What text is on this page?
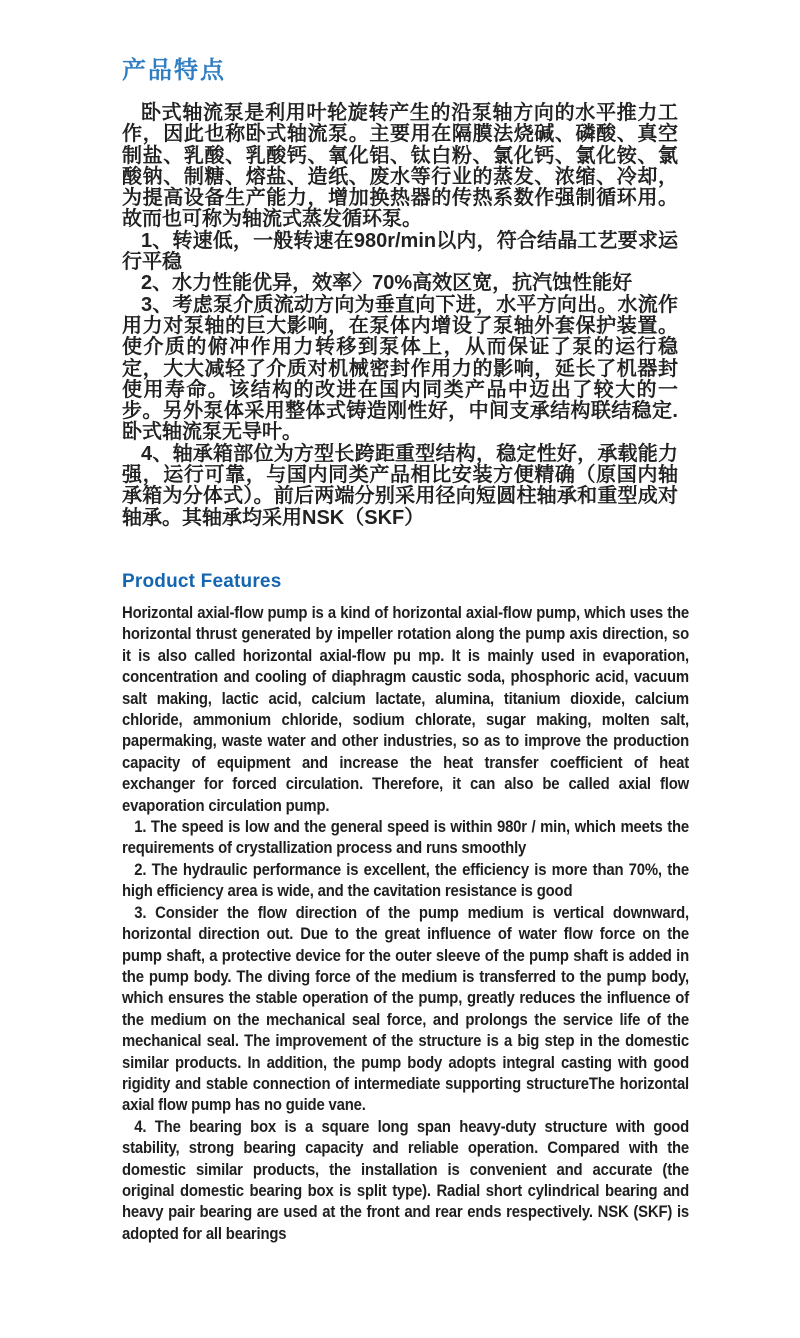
产品特点

卧式轴流泵是利用叶轮旋转产生的沿泵轴方向的水平推力工作，因此也称卧式轴流泵。主要用在隔膜法烧碱、磷酸、真空制盐、乳酸、乳酸钙、氧化铝、钛白粉、氯化钙、氯化铵、氯酸钠、制糖、熔盐、造纸、废水等行业的蒸发、浓缩、冷却，为提高设备生产能力，增加换热器的传热系数作强制循环用。故而也可称为轴流式蒸发循环泵。

1、转速低，一般转速在980r/min以内，符合结晶工艺要求运行平稳

2、水力性能优异，效率〉70%高效区宽，抗汽蚀性能好

3、考虑泵介质流动方向为垂直向下进，水平方向出。水流作用力对泵轴的巨大影响，在泵体内增设了泵轴外套保护装置。使介质的俯冲作用力转移到泵体上，从而保证了泵的运行稳定，大大减轻了介质对机械密封作用力的影响，延长了机器封使用寿命。该结构的改进在国内同类产品中迈出了较大的一步。另外泵体采用整体式铸造刚性好，中间支承结构联结稳定. 卧式轴流泵无导叶。

4、轴承箱部位为方型长跨距重型结构，稳定性好，承载能力强，运行可靠，与国内同类产品相比安装方便精确（原国内轴承箱为分体式）。前后两端分别采用径向短圆柱轴承和重型成对轴承。其轴承均采用NSK（SKF）

Product Features

Horizontal axial-flow pump is a kind of horizontal axial-flow pump, which uses the horizontal thrust generated by impeller rotation along the pump axis direction, so it is also called horizontal axial-flow pu mp. It is mainly used in evaporation, concentration and cooling of diaphragm caustic soda, phosphoric acid, vacuum salt making, lactic acid, calcium lactate, alumina, titanium dioxide, calcium chloride, ammonium chloride, sodium chlorate, sugar making, molten salt, papermaking, waste water and other industries, so as to improve the production capacity of equipment and increase the heat transfer coefficient of heat exchanger for forced circulation. Therefore, it can also be called axial flow evaporation circulation pump.

1. The speed is low and the general speed is within 980r / min, which meets the requirements of crystallization process and runs smoothly

2. The hydraulic performance is excellent, the efficiency is more than 70%, the high efficiency area is wide, and the cavitation resistance is good

3. Consider the flow direction of the pump medium is vertical downward, horizontal direction out. Due to the great influence of water flow force on the pump shaft, a protective device for the outer sleeve of the pump shaft is added in the pump body. The diving force of the medium is transferred to the pump body, which ensures the stable operation of the pump, greatly reduces the influence of the medium on the mechanical seal force, and prolongs the service life of the mechanical seal. The improvement of the structure is a big step in the domestic similar products. In addition, the pump body adopts integral casting with good rigidity and stable connection of intermediate supporting structureThe horizontal axial flow pump has no guide vane.

4. The bearing box is a square long span heavy-duty structure with good stability, strong bearing capacity and reliable operation. Compared with the domestic similar products, the installation is convenient and accurate (the original domestic bearing box is split type). Radial short cylindrical bearing and heavy pair bearing are used at the front and rear ends respectively. NSK (SKF) is adopted for all bearings
